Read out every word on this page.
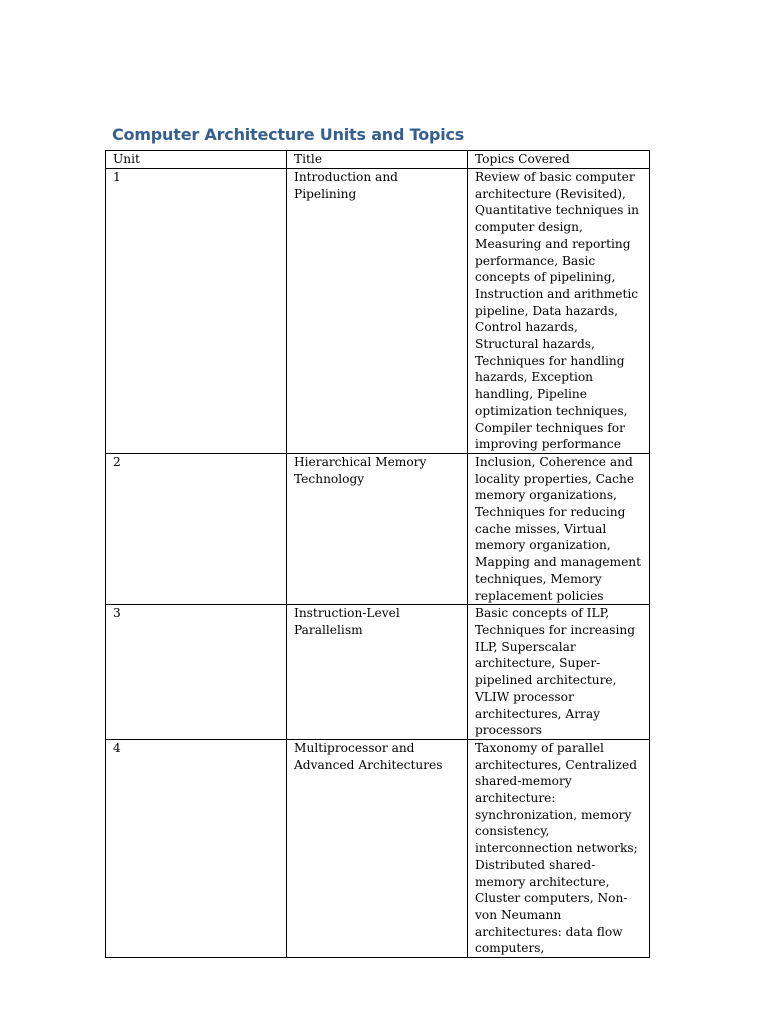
Computer Architecture Units and Topics
Unit	Title	Topics Covered
1	Introduction and Pipelining	Review of basic computer architecture (Revisited), Quantitative techniques in computer design, Measuring and reporting performance, Basic concepts of pipelining, Instruction and arithmetic pipeline, Data hazards, Control hazards, Structural hazards, Techniques for handling hazards, Exception handling, Pipeline optimization techniques, Compiler techniques for improving performance
2	Hierarchical Memory Technology	Inclusion, Coherence and locality properties, Cache memory organizations, Techniques for reducing cache misses, Virtual memory organization, Mapping and management techniques, Memory replacement policies
3	Instruction-Level Parallelism	Basic concepts of ILP, Techniques for increasing ILP, Superscalar architecture, Super-pipelined architecture, VLIW processor architectures, Array processors
4	Multiprocessor and Advanced Architectures	Taxonomy of parallel architectures, Centralized shared-memory architecture: synchronization, memory consistency, interconnection networks; Distributed shared-memory architecture, Cluster computers, Non-von Neumann architectures: data flow computers,
